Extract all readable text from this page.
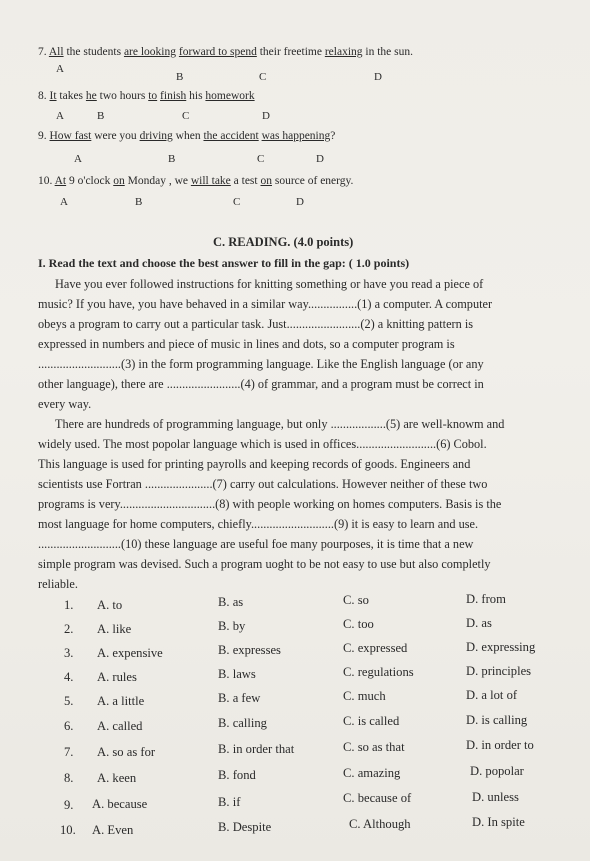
7. All the students are looking forward to spend their freetime relaxing in the sun.
A
B	C	D
8. It takes he two hours to finish his homework
A	B	C	D
9. How fast were you driving when the accident was happening?
A	B	C	D
10. At 9 o'clock on Monday , we will take a test on source of energy.
A	B	C	D
C. READING. (4.0 points)
I. Read the text and choose the best answer to fill in the gap: ( 1.0 points)
Have you ever followed instructions for knitting something or have you read a piece of
music? If you have, you have behaved in a similar way................(1) a computer. A computer
obeys a program to carry out a particular task. Just........................(2) a knitting pattern is
expressed in numbers and piece of music in lines and dots, so a computer program is
...........................(3) in the form programming language. Like the English language (or any
other language), there are ........................(4) of grammar, and a program must be correct in
every way.
There are hundreds of programming language, but only ..................(5) are well-knowm and
widely used. The most popolar language which is used in offices..........................(6) Cobol.
This language is used for printing payrolls and keeping records of goods. Engineers and
scientists use Fortran ......................(7) carry out calculations. However neither of these two
programs is very...............................(8) with people working on homes computers. Basis is the
most language for home computers, chiefly...........................(9) it is easy to learn and use.
...........................(10) these language are useful foe many pourposes, it is time that a new
simple program was devised. Such a program uoght to be not easy to use but also completly
reliable.
1. A. to	B. as	C. so	D. from
2. A. like	B. by	C. too	D. as
3. A. expensive	B. expresses	C. expressed	D. expressing
4. A. rules	B. laws	C. regulations	D. principles
5. A. a little	B. a few	C. much	D. a lot of
6. A. called	B. calling	C. is called	D. is calling
7. A. so as for	B. in order that	C. so as that	D. in order to
8. A. keen	B. fond	C. amazing	D. popolar
9. A. because	B. if	C. because of	D. unless
10. A. Even	B. Despite	C. Although	D. In spite
